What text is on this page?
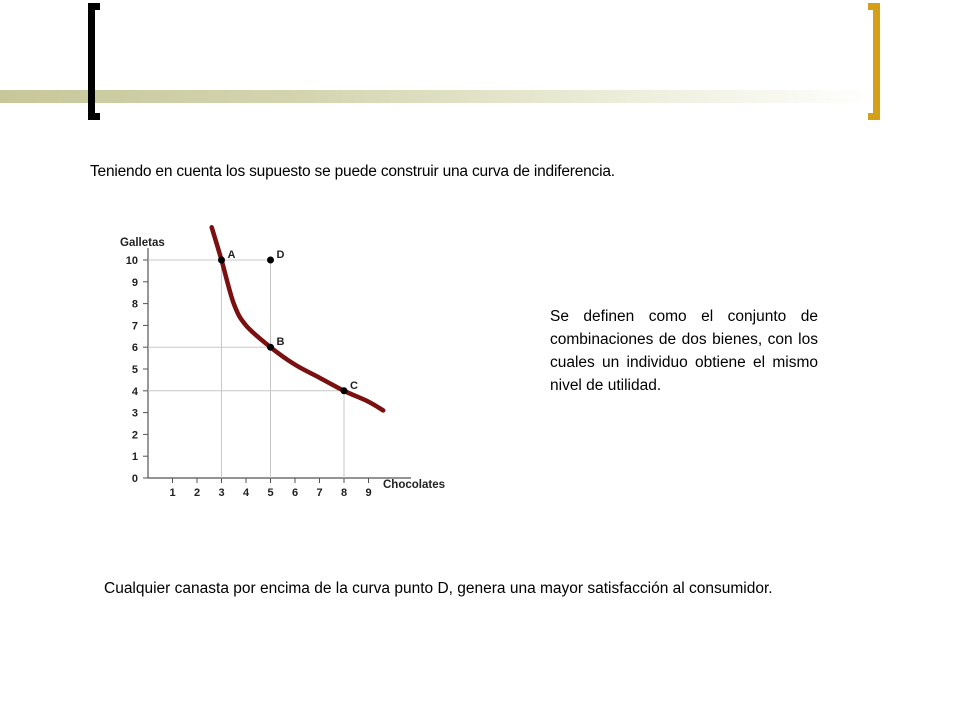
Teniendo en cuenta los supuesto se puede construir una curva de indiferencia.
0
1
2
3
4
5
6
7
8
9
10
1 2 3 4 5 6 7 8 9
Galletas
Chocolates
A
B
C
D
Se definen como el conjunto de combinaciones de dos bienes, con los cuales un individuo obtiene el mismo nivel de utilidad.
Cualquier canasta por encima de la curva punto D, genera una mayor satisfacción al consumidor.
